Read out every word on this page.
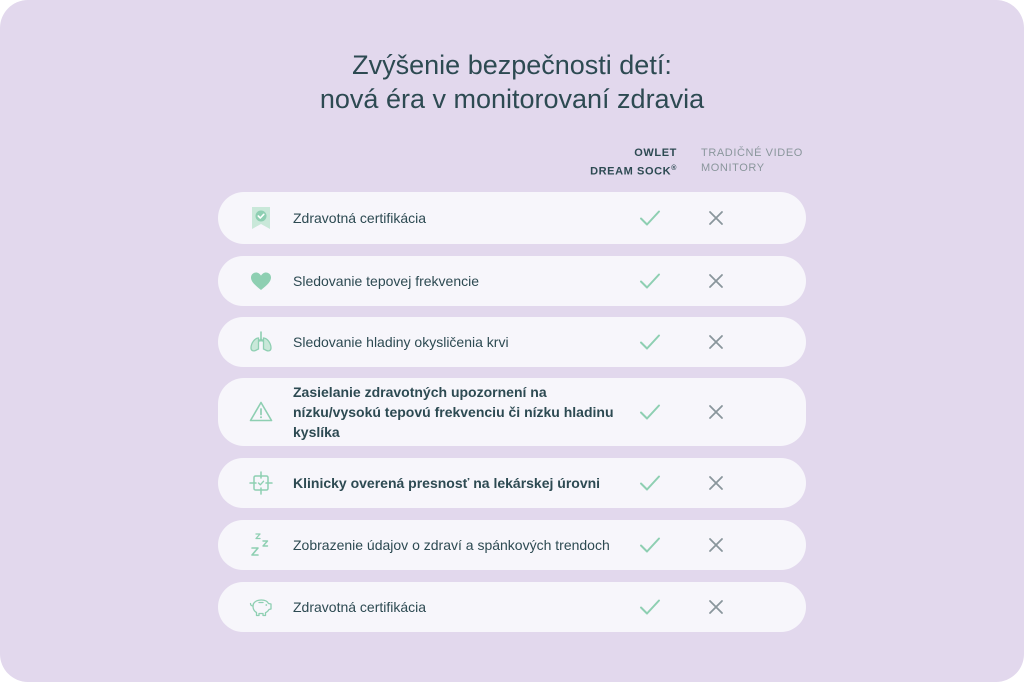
Zvýšenie bezpečnosti detí:
nová éra v monitorovaní zdravia
OWLET
DREAM SOCK®
TRADIČNÉ VIDEO
MONITORY
Zdravotná certifikácia
Sledovanie tepovej frekvencie
Sledovanie hladiny okysličenia krvi
Zasielanie zdravotných upozornení na nízku/vysokú tepovú frekvenciu či nízku hladinu kyslíka
Klinicky overená presnosť na lekárskej úrovni
Zobrazenie údajov o zdraví a spánkových trendoch
Zdravotná certifikácia
